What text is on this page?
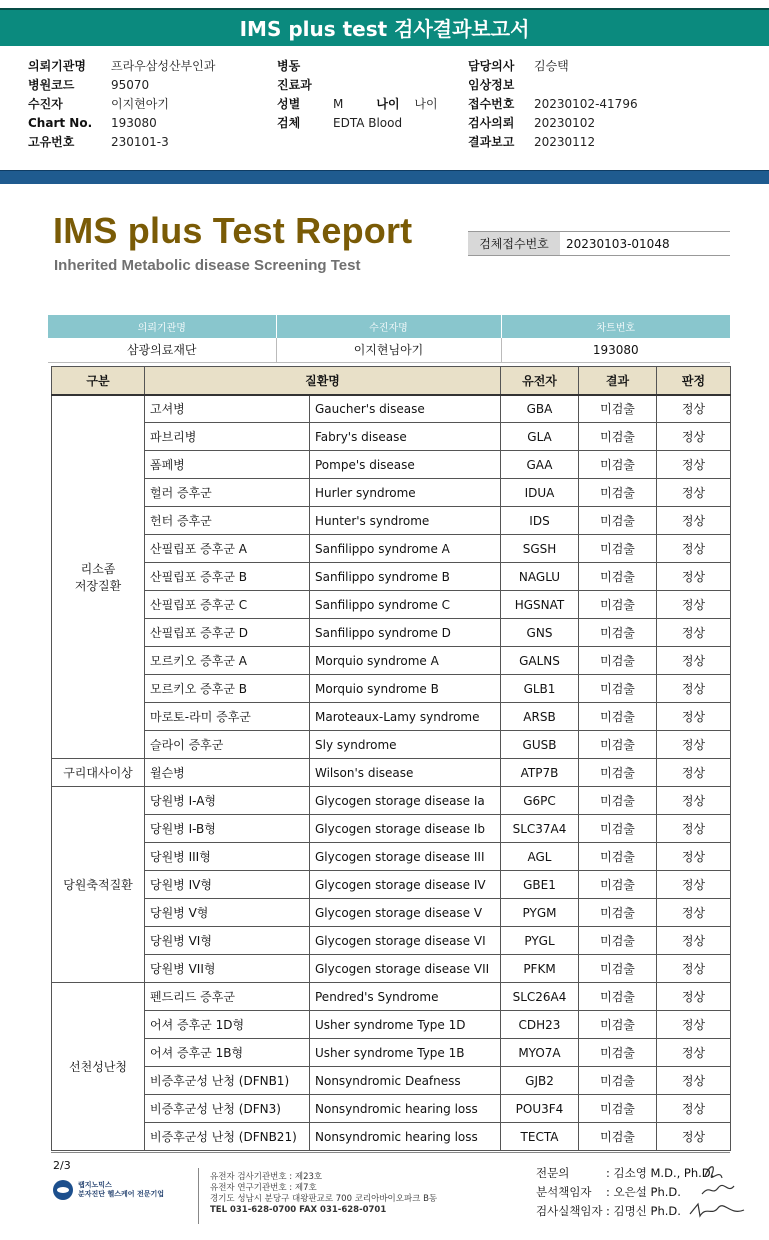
IMS plus test 검사결과보고서
의뢰기관명	프라우삼성산부인과
병원코드	95070
수진자	이지현아기
Chart No.	193080
고유번호	230101-3
병동
진료과
성별	M	나이	나이
검체	EDTA Blood
담당의사	김승택
임상정보
접수번호	20230102-41796
검사의뢰	20230102
결과보고	20230112
IMS plus Test Report
Inherited Metabolic disease Screening Test
검체접수번호	20230103-01048
의뢰기관명	수진자명	차트번호
삼광의료재단	이지현님아기	193080
구분	질환명		유전자	결과	판정

리소좀
저장질환	고셔병	Gaucher's disease	GBA	미검출	정상
	파브리병	Fabry's disease	GLA	미검출	정상
	폼페병	Pompe's disease	GAA	미검출	정상
	헐러 증후군	Hurler syndrome	IDUA	미검출	정상
	헌터 증후군	Hunter's syndrome	IDS	미검출	정상
	산필립포 증후군 A	Sanfilippo syndrome A	SGSH	미검출	정상
	산필립포 증후군 B	Sanfilippo syndrome B	NAGLU	미검출	정상
	산필립포 증후군 C	Sanfilippo syndrome C	HGSNAT	미검출	정상
	산필립포 증후군 D	Sanfilippo syndrome D	GNS	미검출	정상
	모르키오 증후군 A	Morquio syndrome A	GALNS	미검출	정상
	모르키오 증후군 B	Morquio syndrome B	GLB1	미검출	정상
	마로토-라미 증후군	Maroteaux-Lamy syndrome	ARSB	미검출	정상
	슬라이 증후군	Sly syndrome	GUSB	미검출	정상

구리대사이상	윌슨병	Wilson's disease	ATP7B	미검출	정상

당원축적질환	당원병 I-A형	Glycogen storage disease Ia	G6PC	미검출	정상
	당원병 I-B형	Glycogen storage disease Ib	SLC37A4	미검출	정상
	당원병 III형	Glycogen storage disease III	AGL	미검출	정상
	당원병 IV형	Glycogen storage disease IV	GBE1	미검출	정상
	당원병 V형	Glycogen storage disease V	PYGM	미검출	정상
	당원병 VI형	Glycogen storage disease VI	PYGL	미검출	정상
	당원병 VII형	Glycogen storage disease VII	PFKM	미검출	정상

선천성난청	펜드리드 증후군	Pendred's Syndrome	SLC26A4	미검출	정상
	어셔 증후군 1D형	Usher syndrome Type 1D	CDH23	미검출	정상
	어셔 증후군 1B형	Usher syndrome Type 1B	MYO7A	미검출	정상
	비증후군성 난청 (DFNB1)	Nonsyndromic Deafness	GJB2	미검출	정상
	비증후군성 난청 (DFN3)	Nonsyndromic hearing loss	POU3F4	미검출	정상
	비증후군성 난청 (DFNB21)	Nonsyndromic hearing loss	TECTA	미검출	정상
2/3
랩지노믹스
분자진단 헬스케어 전문기업
유전자 검사기관번호 : 제23호
유전자 연구기관번호 : 제7호
경기도 성남시 분당구 대왕판교로 700 코리아바이오파크 B동
TEL 031-628-0700 FAX 031-628-0701
전문의	: 김소영 M.D., Ph.D.
분석책임자	: 오은설 Ph.D.
검사실책임자 : 김명신 Ph.D.
